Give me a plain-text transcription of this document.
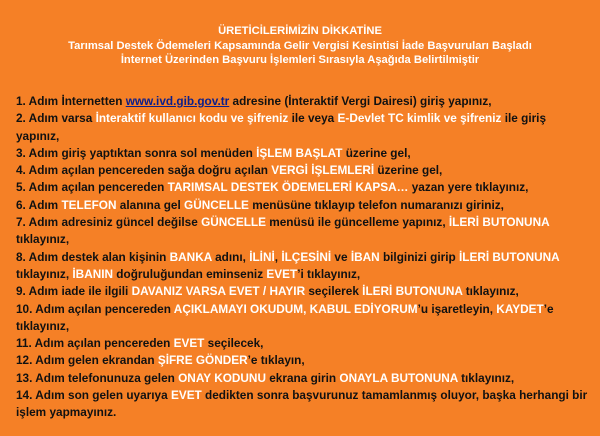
ÜRETİCİLERİMİZİN DİKKATİNE
Tarımsal Destek Ödemeleri Kapsamında Gelir Vergisi Kesintisi İade Başvuruları Başladı
İnternet Üzerinden Başvuru İşlemleri Sırasıyla Aşağıda Belirtilmiştir
1. Adım İnternetten www.ivd.gib.gov.tr adresine (İnteraktif Vergi Dairesi) giriş yapınız,
2. Adım varsa İnteraktif kullanıcı kodu ve şifreniz ile veya E-Devlet TC kimlik ve şifreniz ile giriş yapınız,
3. Adım giriş yaptıktan sonra sol menüden İŞLEM BAŞLAT üzerine gel,
4. Adım açılan pencereden sağa doğru açılan VERGİ İŞLEMLERİ üzerine gel,
5. Adım açılan pencereden TARIMSAL DESTEK ÖDEMELERİ KAPSA… yazan yere tıklayınız,
6. Adım TELEFON alanına gel GÜNCELLE menüsüne tıklayıp telefon numaranızı giriniz,
7. Adım adresiniz güncel değilse GÜNCELLE menüsü ile güncelleme yapınız, İLERİ BUTONUNA tıklayınız,
8. Adım destek alan kişinin BANKA adını, İLİNİ, İLÇESİNİ ve İBAN bilginizi girip İLERİ BUTONUNA tıklayınız, İBANIN doğruluğundan eminseniz EVET’i tıklayınız,
9. Adım iade ile ilgili DAVANIZ VARSA EVET / HAYIR seçilerek İLERİ BUTONUNA tıklayınız,
10. Adım açılan pencereden AÇIKLAMAYI OKUDUM, KABUL EDİYORUM’u işaretleyin, KAYDET’e tıklayınız,
11. Adım açılan pencereden EVET seçilecek,
12. Adım gelen ekrandan ŞİFRE GÖNDER’e tıklayın,
13. Adım telefonunuza gelen ONAY KODUNU ekrana girin ONAYLA BUTONUNA tıklayınız,
14. Adım son gelen uyarıya EVET dedikten sonra başvurunuz tamamlanmış oluyor, başka herhangi bir işlem yapmayınız.
